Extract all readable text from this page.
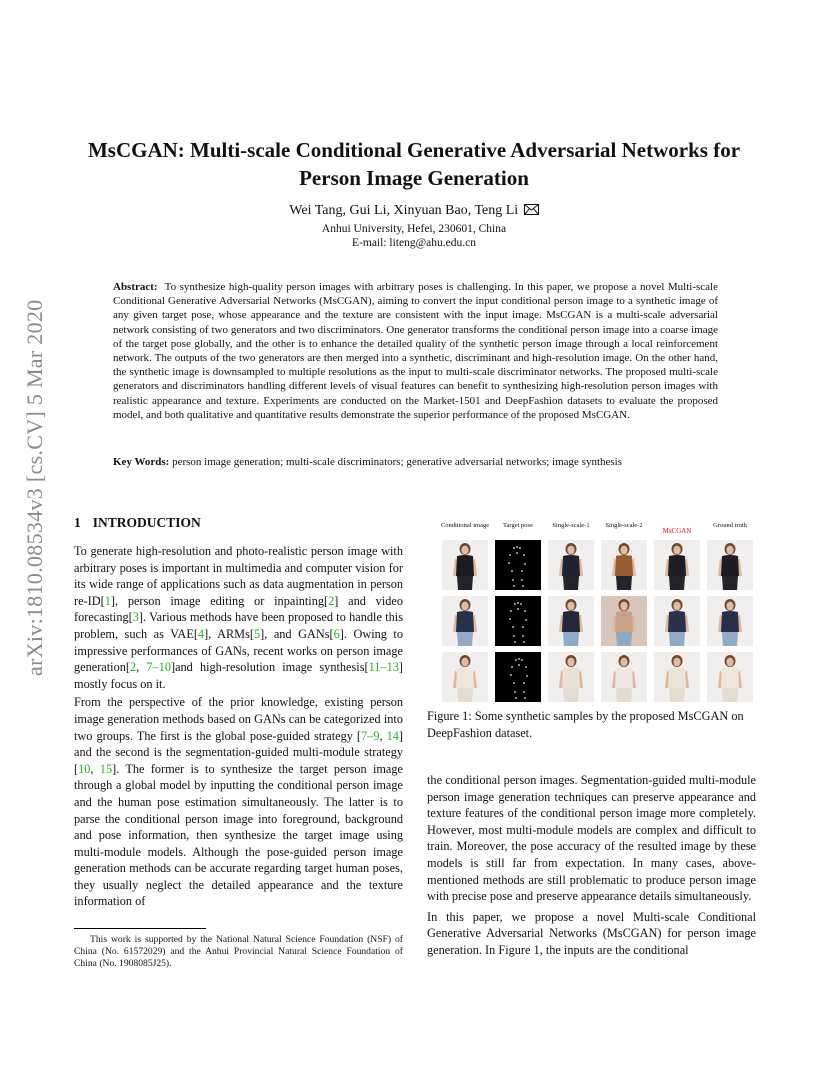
arXiv:1810.08534v3 [cs.CV] 5 Mar 2020
MsCGAN: Multi-scale Conditional Generative Adversarial Networks for Person Image Generation
Wei Tang, Gui Li, Xinyuan Bao, Teng Li
Anhui University, Hefei, 230601, China
E-mail: liteng@ahu.edu.cn

Abstract: To synthesize high-quality person images with arbitrary poses is challenging. In this paper, we propose a novel Multi-scale Conditional Generative Adversarial Networks (MsCGAN), aiming to convert the input conditional person image to a synthetic image of any given target pose, whose appearance and the texture are consistent with the input image. MsCGAN is a multi-scale adversarial network consisting of two generators and two discriminators. One generator transforms the conditional person image into a coarse image of the target pose globally, and the other is to enhance the detailed quality of the synthetic person image through a local reinforcement network. The outputs of the two generators are then merged into a synthetic, discriminant and high-resolution image. On the other hand, the synthetic image is downsampled to multiple resolutions as the input to multi-scale discriminator networks. The proposed multi-scale generators and discriminators handling different levels of visual features can benefit to synthesizing high-resolution person images with realistic appearance and texture. Experiments are conducted on the Market-1501 and DeepFashion datasets to evaluate the proposed model, and both qualitative and quantitative results demonstrate the superior performance of the proposed MsCGAN.

Key Words: person image generation; multi-scale discriminators; generative adversarial networks; image synthesis

1 INTRODUCTION

To generate high-resolution and photo-realistic person image with arbitrary poses is important in multimedia and computer vision for its wide range of applications such as data augmentation in person re-ID[1], person image editing or inpainting[2] and video forecasting[3]. Various methods have been proposed to handle this problem, such as VAE[4], ARMs[5], and GANs[6]. Owing to impressive performances of GANs, recent works on person image generation[2, 7–10]and high-resolution image synthesis[11–13] mostly focus on it.

From the perspective of the prior knowledge, existing person image generation methods based on GANs can be categorized into two groups. The first is the global pose-guided strategy [7–9, 14] and the second is the segmentation-guided multi-module strategy [10, 15]. The former is to synthesize the target person image through a global model by inputting the conditional person image and the human pose estimation simultaneously. The latter is to parse the conditional person image into foreground, background and pose information, then synthesize the target image using multi-module models. Although the pose-guided person image generation methods can be accurate regarding target human poses, they usually neglect the detailed appearance and the texture information of

This work is supported by the National Natural Science Foundation (NSF) of China (No. 61572029) and the Anhui Provincial Natural Science Foundation of China (No. 1908085J25).
Conditional image	Target pose	Single-scale-1	Single-scale-2
MsCGAN
Ground truth
Figure 1: Some synthetic samples by the proposed MsCGAN on DeepFashion dataset.

the conditional person images. Segmentation-guided multi-module person image generation techniques can preserve appearance and texture features of the conditional person image more completely. However, most multi-module models are complex and difficult to train. Moreover, the pose accuracy of the resulted image by these models is still far from expectation. In many cases, above-mentioned methods are still problematic to produce person image with precise pose and preserve appearance details simultaneously.

In this paper, we propose a novel Multi-scale Conditional Generative Adversarial Networks (MsCGAN) for person image generation. In Figure 1, the inputs are the conditional
